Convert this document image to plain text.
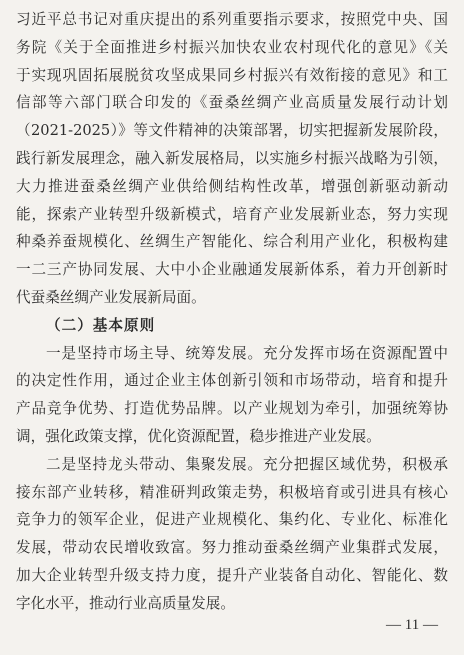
习近平总书记对重庆提出的系列重要指示要求，按照党中央、国
务院《关于全面推进乡村振兴加快农业农村现代化的意见》《关
于实现巩固拓展脱贫攻坚成果同乡村振兴有效衔接的意见》和工
信部等六部门联合印发的《蚕桑丝绸产业高质量发展行动计划
（2021-2025）》等文件精神的决策部署，切实把握新发展阶段，
践行新发展理念，融入新发展格局，以实施乡村振兴战略为引领，
大力推进蚕桑丝绸产业供给侧结构性改革，增强创新驱动新动
能，探索产业转型升级新模式，培育产业发展新业态，努力实现
种桑养蚕规模化、丝绸生产智能化、综合利用产业化，积极构建
一二三产协同发展、大中小企业融通发展新体系，着力开创新时
代蚕桑丝绸产业发展新局面。
（二）基本原则
一是坚持市场主导、统筹发展。充分发挥市场在资源配置中
的决定性作用，通过企业主体创新引领和市场带动，培育和提升
产品竞争优势、打造优势品牌。以产业规划为牵引，加强统筹协
调，强化政策支撑，优化资源配置，稳步推进产业发展。
二是坚持龙头带动、集聚发展。充分把握区域优势，积极承
接东部产业转移，精准研判政策走势，积极培育或引进具有核心
竞争力的领军企业，促进产业规模化、集约化、专业化、标准化
发展，带动农民增收致富。努力推动蚕桑丝绸产业集群式发展，
加大企业转型升级支持力度，提升产业装备自动化、智能化、数
字化水平，推动行业高质量发展。
— 11 —
